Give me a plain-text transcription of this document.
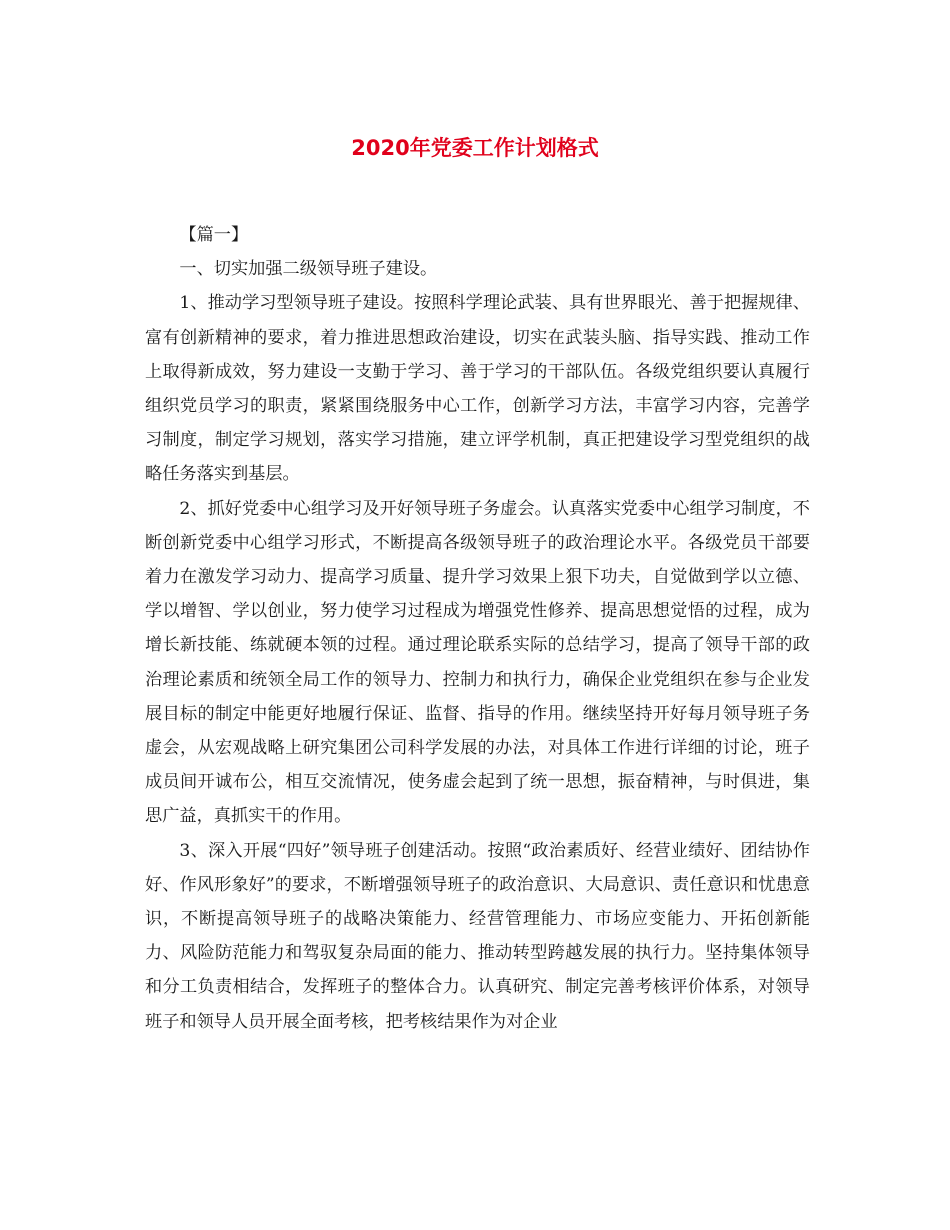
2020年党委工作计划格式

【篇一】

一、切实加强二级领导班子建设。

1、推动学习型领导班子建设。按照科学理论武装、具有世界眼光、善于把握规律、富有创新精神的要求，着力推进思想政治建设，切实在武装头脑、指导实践、推动工作上取得新成效，努力建设一支勤于学习、善于学习的干部队伍。各级党组织要认真履行组织党员学习的职责，紧紧围绕服务中心工作，创新学习方法，丰富学习内容，完善学习制度，制定学习规划，落实学习措施，建立评学机制，真正把建设学习型党组织的战略任务落实到基层。

2、抓好党委中心组学习及开好领导班子务虚会。认真落实党委中心组学习制度，不断创新党委中心组学习形式，不断提高各级领导班子的政治理论水平。各级党员干部要着力在激发学习动力、提高学习质量、提升学习效果上狠下功夫，自觉做到学以立德、学以增智、学以创业，努力使学习过程成为增强党性修养、提高思想觉悟的过程，成为增长新技能、练就硬本领的过程。通过理论联系实际的总结学习，提高了领导干部的政治理论素质和统领全局工作的领导力、控制力和执行力，确保企业党组织在参与企业发展目标的制定中能更好地履行保证、监督、指导的作用。继续坚持开好每月领导班子务虚会，从宏观战略上研究集团公司科学发展的办法，对具体工作进行详细的讨论，班子成员间开诚布公，相互交流情况，使务虚会起到了统一思想，振奋精神，与时俱进，集思广益，真抓实干的作用。

3、深入开展“四好”领导班子创建活动。按照“政治素质好、经营业绩好、团结协作好、作风形象好”的要求，不断增强领导班子的政治意识、大局意识、责任意识和忧患意识，不断提高领导班子的战略决策能力、经营管理能力、市场应变能力、开拓创新能力、风险防范能力和驾驭复杂局面的能力、推动转型跨越发展的执行力。坚持集体领导和分工负责相结合，发挥班子的整体合力。认真研究、制定完善考核评价体系，对领导班子和领导人员开展全面考核，把考核结果作为对企业
